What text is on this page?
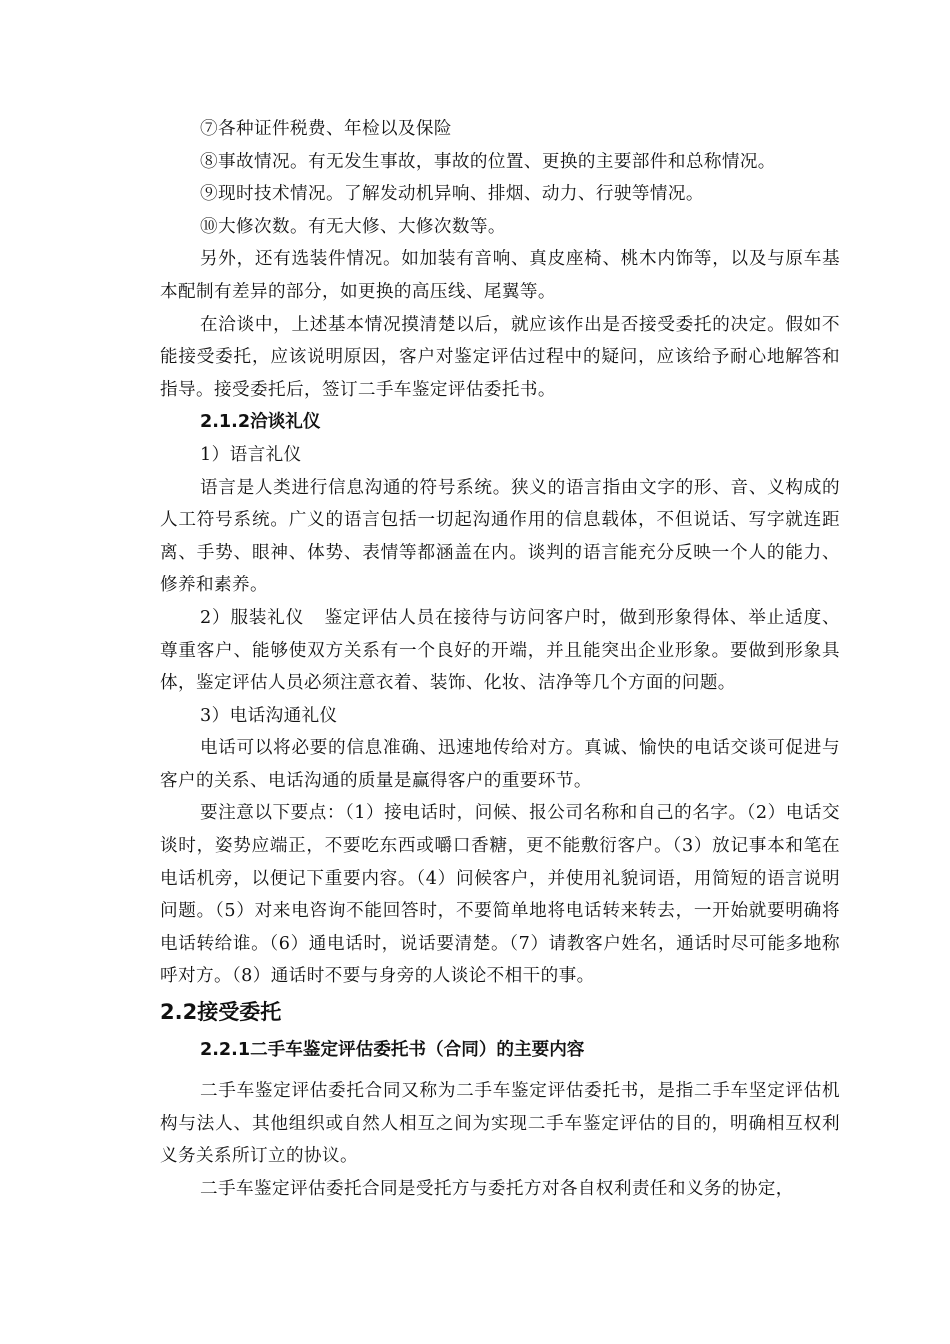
⑦各种证件税费、年检以及保险

⑧事故情况。有无发生事故，事故的位置、更换的主要部件和总称情况。

⑨现时技术情况。了解发动机异响、排烟、动力、行驶等情况。

⑩大修次数。有无大修、大修次数等。

另外，还有选装件情况。如加装有音响、真皮座椅、桃木内饰等，以及与原车基本配制有差异的部分，如更换的高压线、尾翼等。

在洽谈中，上述基本情况摸清楚以后，就应该作出是否接受委托的决定。假如不能接受委托，应该说明原因，客户对鉴定评估过程中的疑问，应该给予耐心地解答和指导。接受委托后，签订二手车鉴定评估委托书。

2.1.2洽谈礼仪

1）语言礼仪

语言是人类进行信息沟通的符号系统。狭义的语言指由文字的形、音、义构成的人工符号系统。广义的语言包括一切起沟通作用的信息载体，不但说话、写字就连距离、手势、眼神、体势、表情等都涵盖在内。谈判的语言能充分反映一个人的能力、修养和素养。

2）服装礼仪 鉴定评估人员在接待与访问客户时，做到形象得体、举止适度、尊重客户、能够使双方关系有一个良好的开端，并且能突出企业形象。要做到形象具体，鉴定评估人员必须注意衣着、装饰、化妆、洁净等几个方面的问题。

3）电话沟通礼仪

电话可以将必要的信息准确、迅速地传给对方。真诚、愉快的电话交谈可促进与客户的关系、电话沟通的质量是赢得客户的重要环节。

要注意以下要点：（1）接电话时，问候、报公司名称和自己的名字。（2）电话交谈时，姿势应端正，不要吃东西或嚼口香糖，更不能敷衍客户。（3）放记事本和笔在电话机旁，以便记下重要内容。（4）问候客户，并使用礼貌词语，用简短的语言说明问题。（5）对来电咨询不能回答时，不要简单地将电话转来转去，一开始就要明确将电话转给谁。（6）通电话时，说话要清楚。（7）请教客户姓名，通话时尽可能多地称呼对方。（8）通话时不要与身旁的人谈论不相干的事。

2.2接受委托
2.2.1二手车鉴定评估委托书（合同）的主要内容

二手车鉴定评估委托合同又称为二手车鉴定评估委托书，是指二手车坚定评估机构与法人、其他组织或自然人相互之间为实现二手车鉴定评估的目的，明确相互权利义务关系所订立的协议。

二手车鉴定评估委托合同是受托方与委托方对各自权利责任和义务的协定，
